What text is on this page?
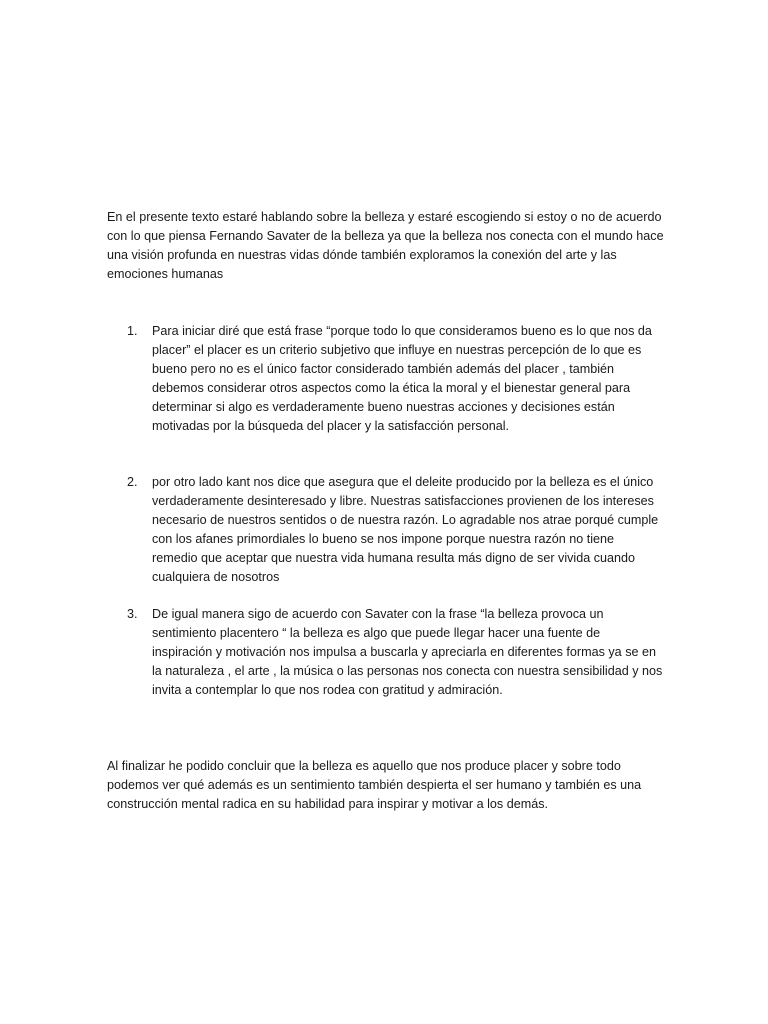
En el presente texto estaré hablando sobre la belleza y estaré escogiendo si estoy o no de acuerdo
con lo que piensa Fernando Savater de la belleza ya que la belleza nos conecta con el mundo hace
una visión profunda en nuestras vidas dónde también exploramos la conexión del arte y las
emociones humanas

1.	Para iniciar diré que está frase “porque todo lo que consideramos bueno es lo que nos da
placer” el placer es un criterio subjetivo que influye en nuestras percepción de lo que es
bueno pero no es el único factor considerado también además del placer , también
debemos considerar otros aspectos como la ética la moral y el bienestar general para
determinar si algo es verdaderamente bueno nuestras acciones y decisiones están
motivadas por la búsqueda del placer y la satisfacción personal.
2.	por otro lado kant nos dice que asegura que el deleite producido por la belleza es el único
verdaderamente desinteresado y libre. Nuestras satisfacciones provienen de los intereses
necesario de nuestros sentidos o de nuestra razón. Lo agradable nos atrae porqué cumple
con los afanes primordiales lo bueno se nos impone porque nuestra razón no tiene
remedio que aceptar que nuestra vida humana resulta más digno de ser vivida cuando
cualquiera de nosotros
3.	De igual manera sigo de acuerdo con Savater con la frase “la belleza provoca un
sentimiento placentero “ la belleza es algo que puede llegar hacer una fuente de
inspiración y motivación nos impulsa a buscarla y apreciarla en diferentes formas ya se en
la naturaleza , el arte , la música o las personas nos conecta con nuestra sensibilidad y nos
invita a contemplar lo que nos rodea con gratitud y admiración.

Al finalizar he podido concluir que la belleza es aquello que nos produce placer y sobre todo
podemos ver qué además es un sentimiento también despierta el ser humano y también es una
construcción mental radica en su habilidad para inspirar y motivar a los demás.
